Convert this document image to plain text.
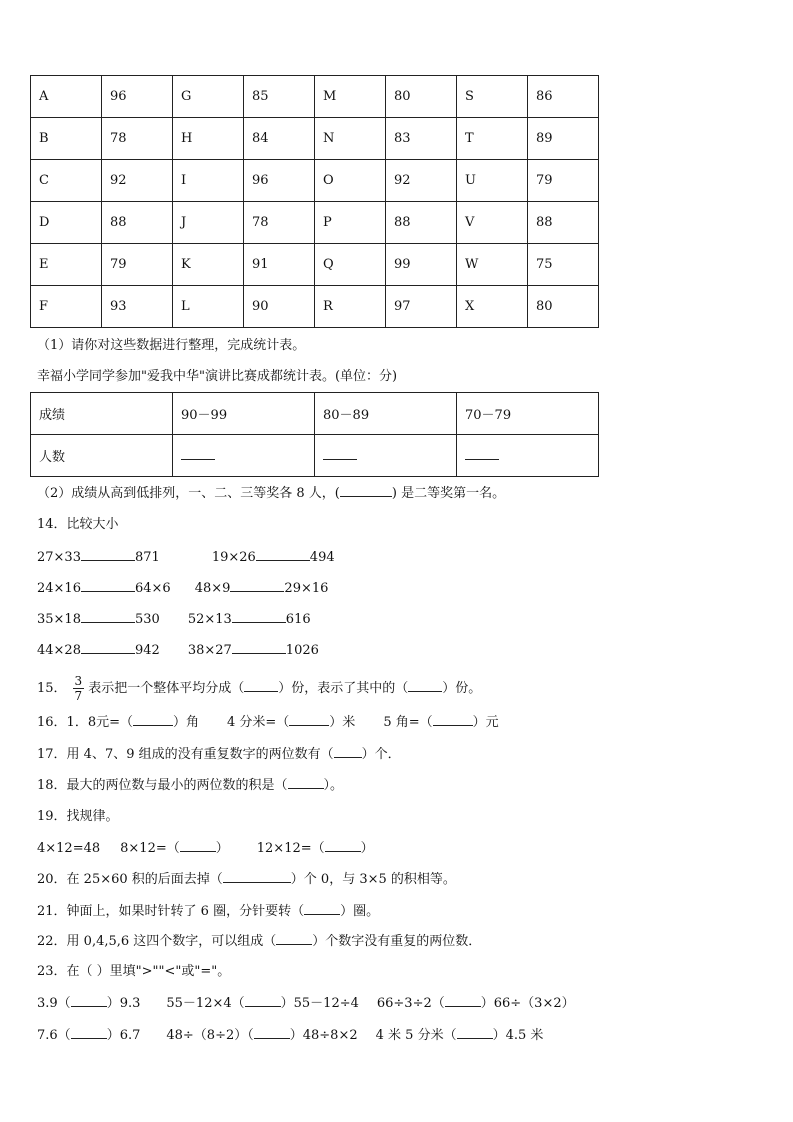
A	96	G	85	M	80	S	86
B	78	H	84	N	83	T	89
C	92	I	96	O	92	U	79
D	88	J	78	P	88	V	88
E	79	K	91	Q	99	W	75
F	93	L	90	R	97	X	80
（1）请你对这些数据进行整理，完成统计表。
幸福小学同学参加"爱我中华"演讲比赛成都统计表。(单位：分)
成绩	90－99	80－89	70－79
人数			
（2）成绩从高到低排列，一、二、三等奖各 8 人，(	) 是二等奖第一名。
14．比较大小
27×33	871	19×26	494
24×16	64×6 48×9	29×16
35×18	530 52×13	616
44×28	942 38×27	1026
15． $\frac{3}{7}$ 表示把一个整体平均分成（	）份，表示了其中的（	）份。
16．1．8元=（	）角 4 分米=（	）米 5 角=（	）元
17．用 4、7、9 组成的没有重复数字的两位数有（ ）个．
18．最大的两位数与最小的两位数的积是（	）。
19．找规律。
4×12=48 8×12=（	） 12×12=（	）
20．在 25×60 积的后面去掉（	）个 0，与 3×5 的积相等。
21．钟面上，如果时针转了 6 圈，分针要转（	）圈。
22．用 0,4,5,6 这四个数字，可以组成（	）个数字没有重复的两位数．
23．在（ ）里填">""<"或"="。
3.9（	）9.3 55－12×4（	）55－12÷4 66÷3÷2（	）66÷（3×2）
7.6（	）6.7 48÷（8÷2）（	）48÷8×2 4 米 5 分米（	）4.5 米
